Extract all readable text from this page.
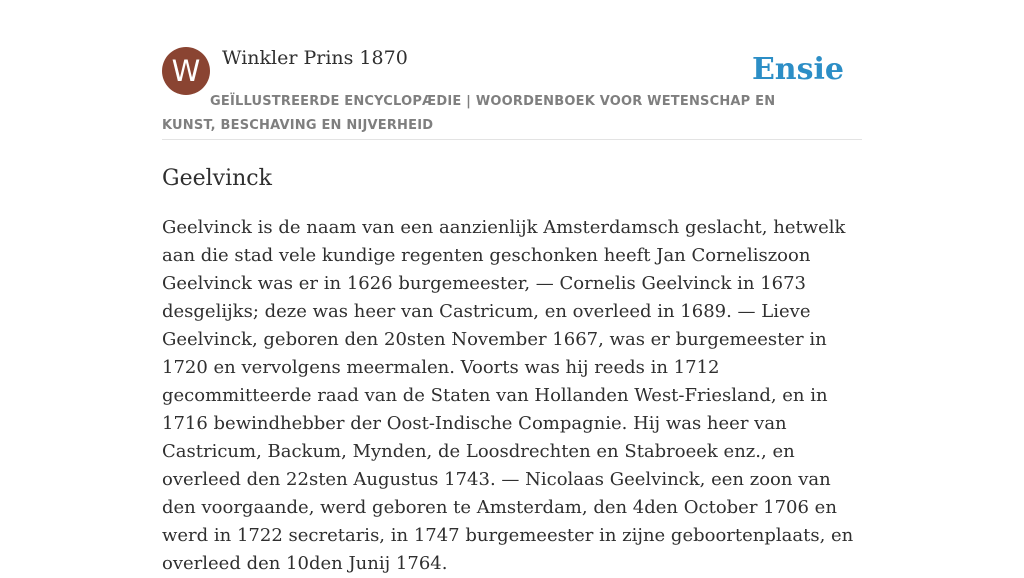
W	Winkler Prins 1870	Ensie
GEÏLLUSTREERDE ENCYCLOPÆDIE | WOORDENBOEK VOOR WETENSCHAP EN KUNST, BESCHAVING EN NIJVERHEID
Geelvinck

Geelvinck is de naam van een aanzienlijk Amsterdamsch geslacht, hetwelk aan die stad vele kundige regenten geschonken heeft Jan Corneliszoon Geelvinck was er in 1626 burgemeester, — Cornelis Geelvinck in 1673 desgelijks; deze was heer van Castricum, en overleed in 1689. — Lieve Geelvinck, geboren den 20sten November 1667, was er burgemeester in 1720 en vervolgens meermalen. Voorts was hij reeds in 1712 gecommitteerde raad van de Staten van Hollanden West-Friesland, en in 1716 bewindhebber der Oost-Indische Compagnie. Hij was heer van Castricum, Backum, Mynden, de Loosdrechten en Stabroeek enz., en overleed den 22sten Augustus 1743. — Nicolaas Geelvinck, een zoon van den voorgaande, werd geboren te Amsterdam, den 4den October 1706 en werd in 1722 secretaris, in 1747 burgemeester in zijne geboortenplaats, en overleed den 10den Junij 1764.
